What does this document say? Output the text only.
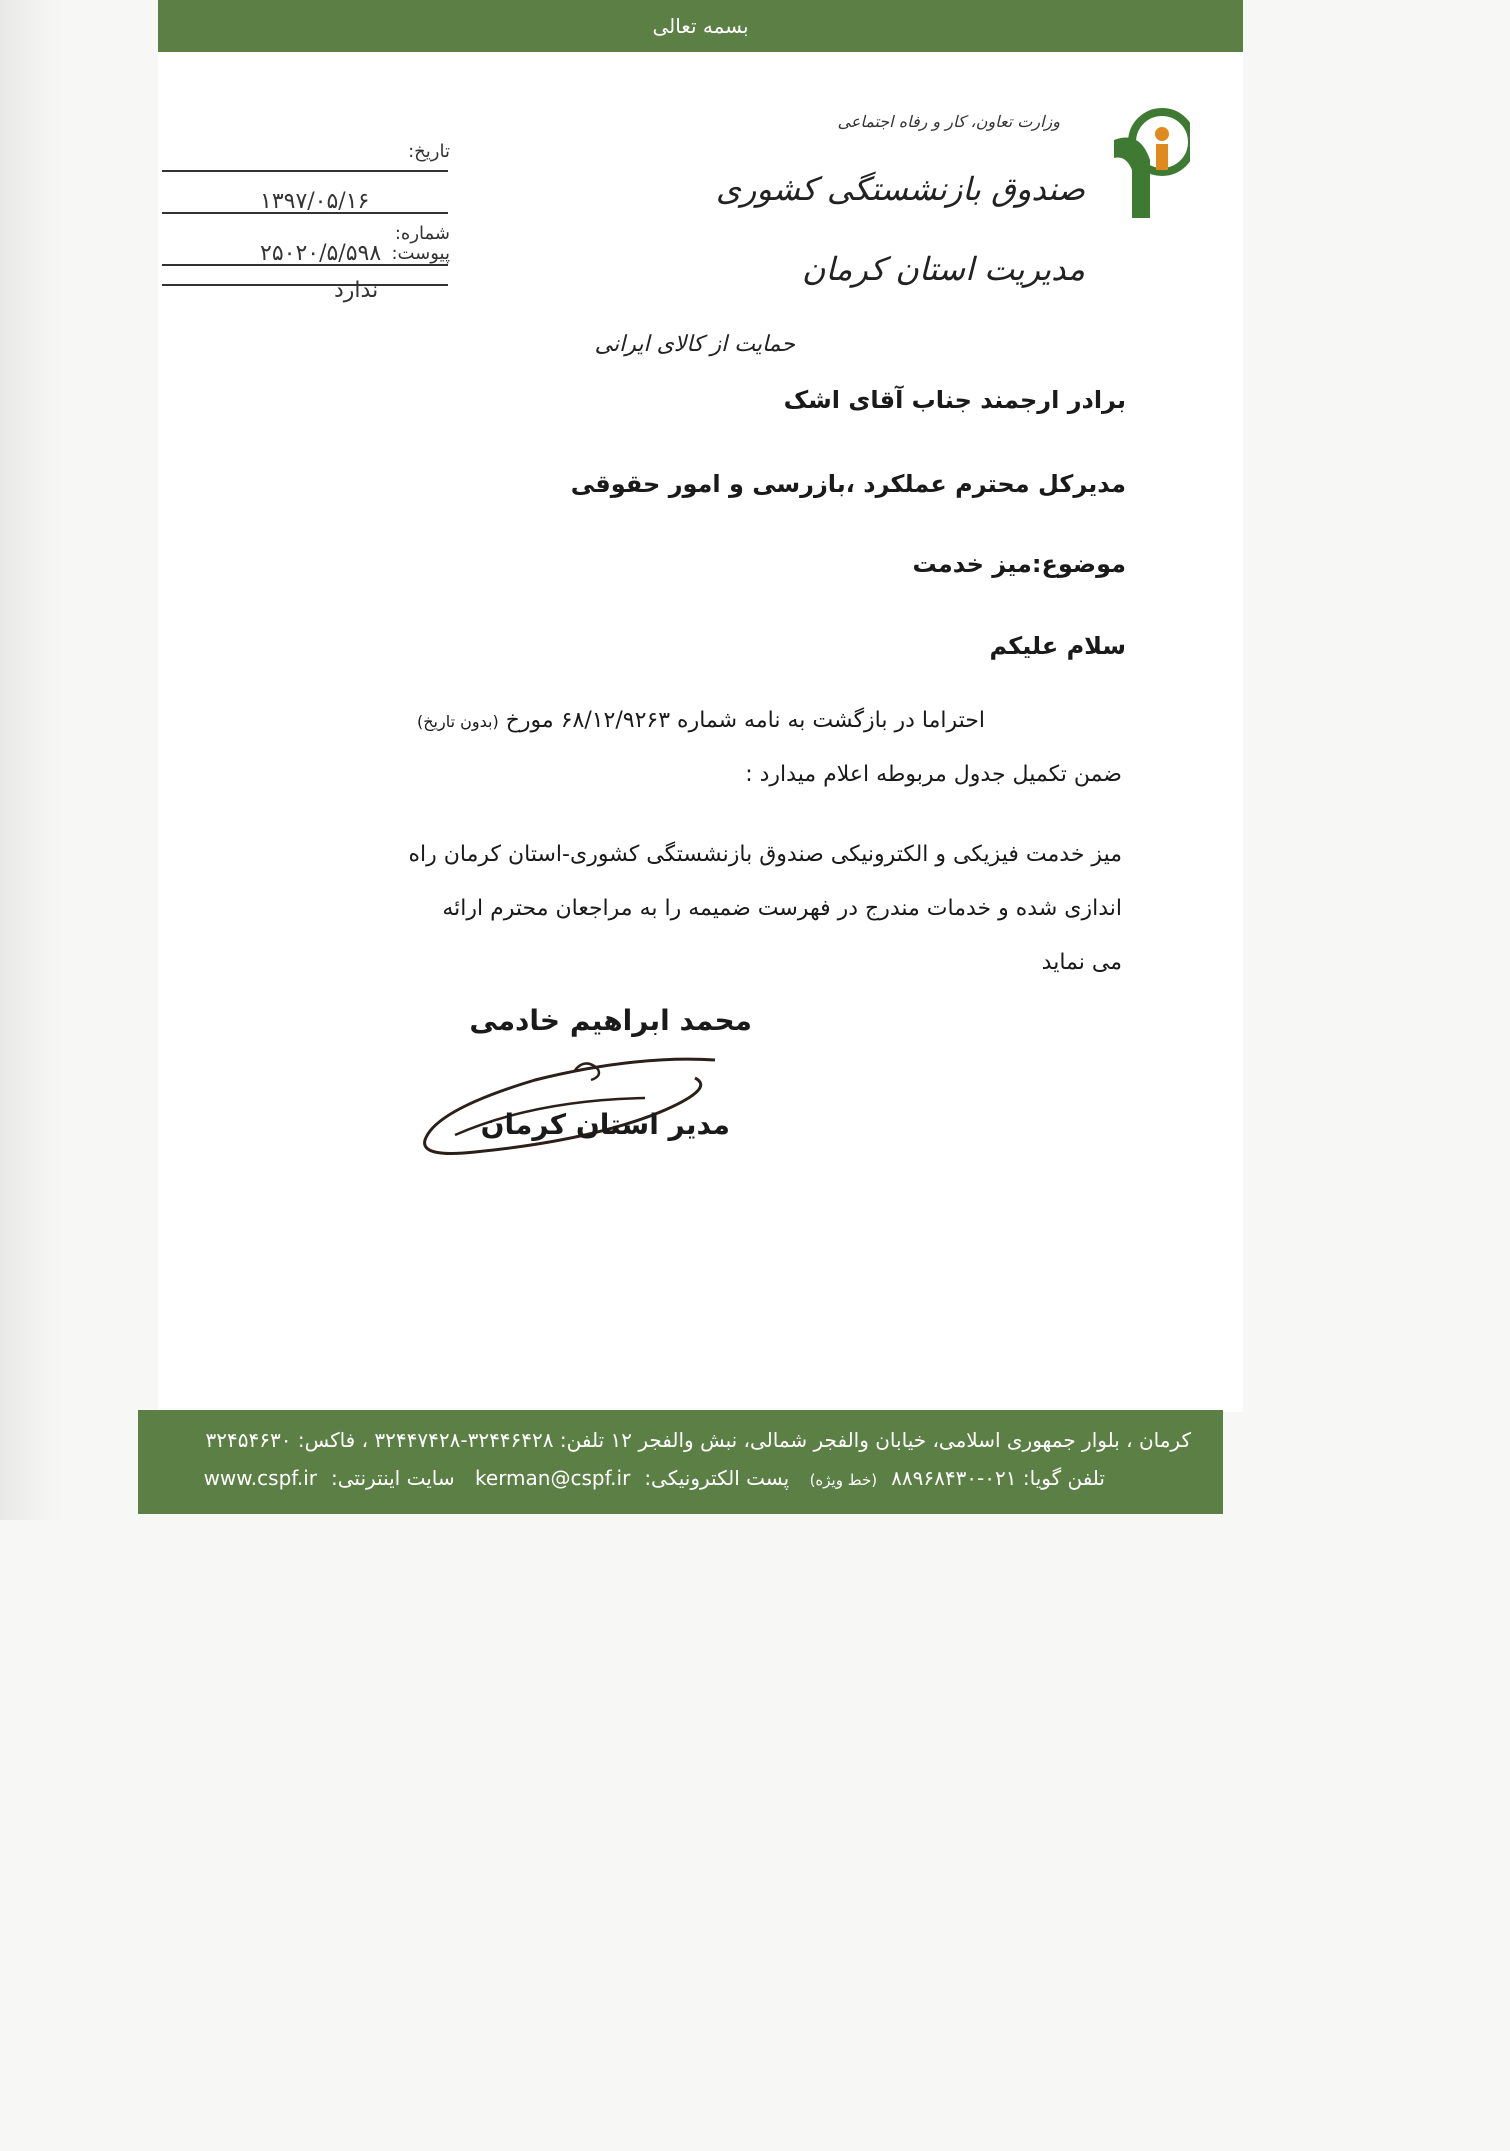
بسمه تعالی
تاریخ:
۱۳۹۷/۰۵/۱۶
شماره:
۲۵۰۲۰/۵/۵۹۸ پیوست:
ندارد
وزارت تعاون، کار و رفاه اجتماعی
صندوق بازنشستگی کشوری
مدیریت استان کرمان
حمایت از کالای ایرانی
برادر ارجمند جناب آقای اشک
مدیرکل محترم عملکرد ،بازرسی و امور حقوقی
موضوع:میز خدمت
سلام علیکم
احتراما در بازگشت به نامه شماره ۶۸/۱۲/۹۲۶۳ مورخ (بدون تاریخ)
ضمن تکمیل جدول مربوطه اعلام میدارد :
میز خدمت فیزیکی و الکترونیکی صندوق بازنشستگی کشوری-استان کرمان راه
اندازی شده و خدمات مندرج در فهرست ضمیمه را به مراجعان محترم ارائه
می نماید
محمد ابراهیم خادمی
مدیر استان کرمان
کرمان ، بلوار جمهوری اسلامی، خیابان والفجر شمالی، نبش والفجر ۱۲ تلفن: ۳۲۴۴۶۴۲۸-۳۲۴۴۷۴۲۸ ، فاکس: ۳۲۴۵۴۶۳۰
تلفن گویا: ۰۲۱-۸۸۹۶۸۴۳۰(خط ویژه) پست الکترونیکی:kerman@cspf.ir سایت اینترنتی:www.cspf.ir
